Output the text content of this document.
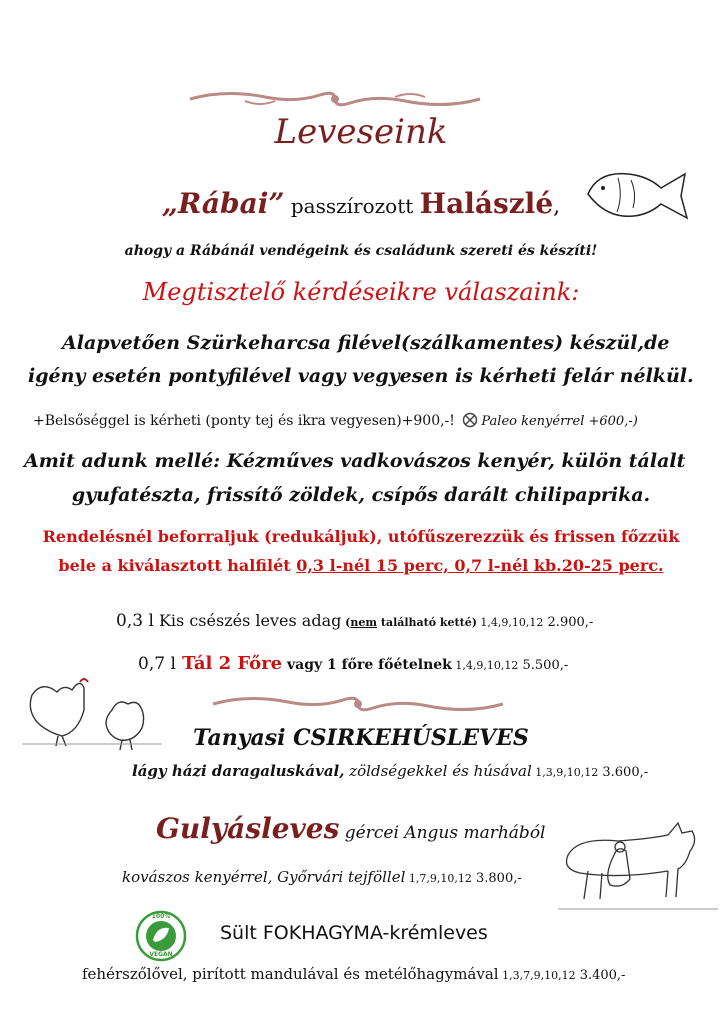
Leveseink
„Rábai” passzírozott Halászlé,
ahogy a Rábánál vendégeink és családunk szereti és készíti!
Megtisztelő kérdéseikre válaszaink:
Alapvetően Szürkeharcsa filével(szálkamentes) készül,de
igény esetén pontyfilével vagy vegyesen is kérheti felár nélkül.
+Belsőséggel is kérheti (ponty tej és ikra vegyesen)+900,-! Paleo kenyérrel +600,-)
Amit adunk mellé: Kézműves vadkovászos kenyér, külön tálalt
gyufatészta, frissítő zöldek, csípős darált chilipaprika.
Rendelésnél beforraljuk (redukáljuk), utófűszerezzük és frissen főzzük
bele a kiválasztott halfilét 0,3 l-nél 15 perc, 0,7 l-nél kb.20-25 perc.
0,3 l Kis csészés leves adag (nem található ketté) 1,4,9,10,12 2.900,-
0,7 l Tál 2 Főre vagy 1 főre főételnek 1,4,9,10,12 5.500,-
Tanyasi CSIRKEHÚSLEVES
lágy házi daragaluskával, zöldségekkel és húsával 1,3,9,10,12 3.600,-
Gulyásleves gércei Angus marhából
kovászos kenyérrel, Győrvári tejföllel 1,7,9,10,12 3.800,-
100%
VEGAN
Sült FOKHAGYMA-krémleves
fehérszőlővel, pirított mandulával és metélőhagymával 1,3,7,9,10,12 3.400,-
